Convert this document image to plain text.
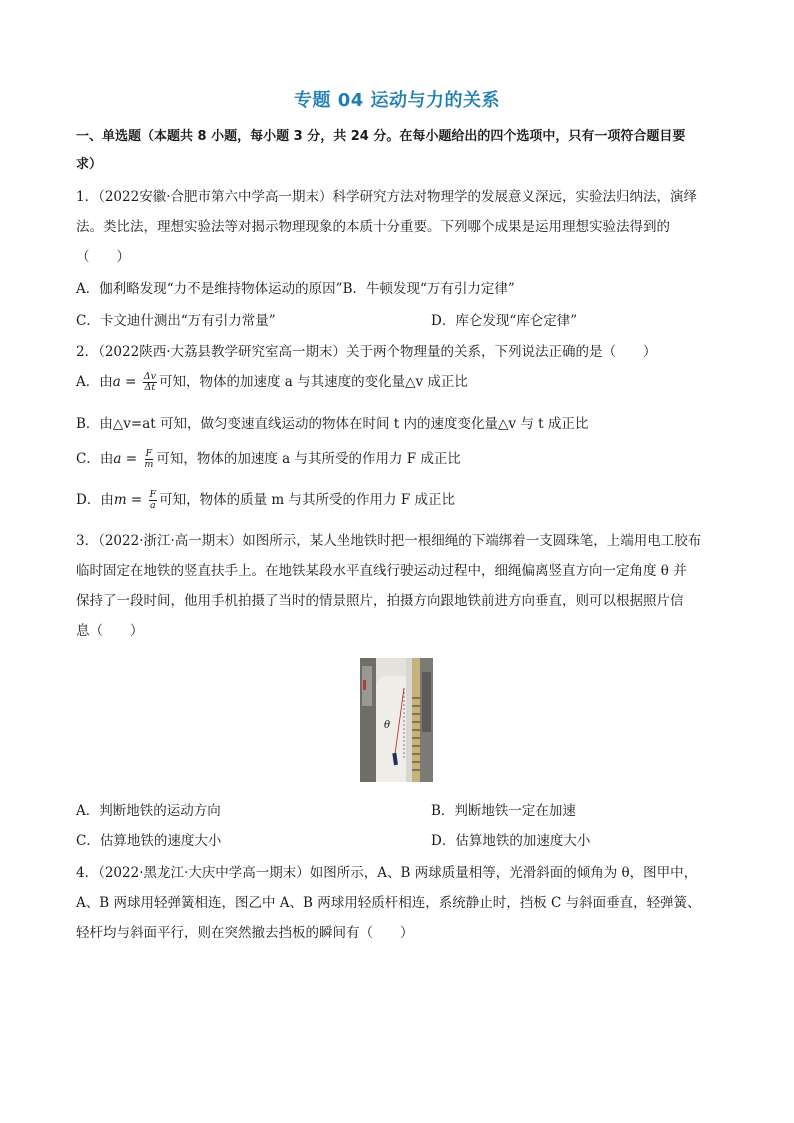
专题 04 运动与力的关系
一、单选题（本题共 8 小题，每小题 3 分，共 24 分。在每小题给出的四个选项中，只有一项符合题目要
求）
1．（2022安徽·合肥市第六中学高一期末）科学研究方法对物理学的发展意义深远，实验法归纳法，演绎
法。类比法，理想实验法等对揭示物理现象的本质十分重要。下列哪个成果是运用理想实验法得到的
（　　）
A．伽利略发现“力不是维持物体运动的原因”B．牛顿发现“万有引力定律”
C．卡文迪什测出“万有引力常量”	D．库仑发现“库仑定律”
2．（2022陕西·大荔县教学研究室高一期末）关于两个物理量的关系，下列说法正确的是（　　）
A．由$a = \frac{\Delta v}{\Delta t}$ 可知，物体的加速度 a 与其速度的变化量△v 成正比
B．由△v=at 可知，做匀变速直线运动的物体在时间 t 内的速度变化量△v 与 t 成正比
C．由$a = \frac{F}{m}$ 可知，物体的加速度 a 与其所受的作用力 F 成正比
D．由$m = \frac{F}{a}$ 可知，物体的质量 m 与其所受的作用力 F 成正比
3．（2022·浙江·高一期末）如图所示，某人坐地铁时把一根细绳的下端绑着一支圆珠笔，上端用电工胶布
临时固定在地铁的竖直扶手上。在地铁某段水平直线行驶运动过程中，细绳偏离竖直方向一定角度 θ 并
保持了一段时间，他用手机拍摄了当时的情景照片，拍摄方向跟地铁前进方向垂直，则可以根据照片信
息（　　）
θ
A．判断地铁的运动方向	B．判断地铁一定在加速
C．估算地铁的速度大小	D．估算地铁的加速度大小
4．（2022·黑龙江·大庆中学高一期末）如图所示，A、B 两球质量相等，光滑斜面的倾角为 θ，图甲中，
A、B 两球用轻弹簧相连，图乙中 A、B 两球用轻质杆相连，系统静止时，挡板 C 与斜面垂直，轻弹簧、
轻杆均与斜面平行，则在突然撤去挡板的瞬间有（　　）
